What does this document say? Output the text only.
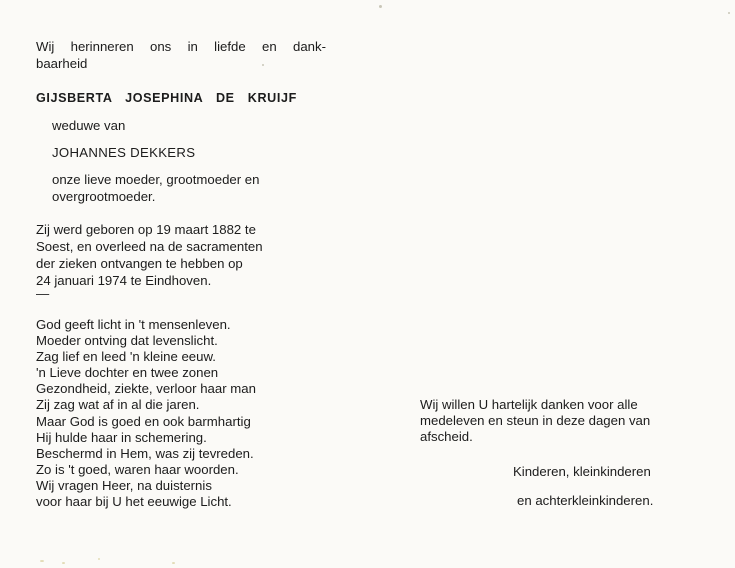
Wij herinneren ons in liefde en dank-

baarheid

GIJSBERTA JOSEPHINA DE KRUIJF

weduwe van

JOHANNES DEKKERS

onze lieve moeder, grootmoeder en

overgrootmoeder.

Zij werd geboren op 19 maart 1882 te

Soest, en overleed na de sacramenten

der zieken ontvangen te hebben op

24 januari 1974 te Eindhoven.

—

God geeft licht in 't mensenleven.

Moeder ontving dat levenslicht.

Zag lief en leed 'n kleine eeuw.

'n Lieve dochter en twee zonen

Gezondheid, ziekte, verloor haar man

Zij zag wat af in al die jaren.

Maar God is goed en ook barmhartig

Hij hulde haar in schemering.

Beschermd in Hem, was zij tevreden.

Zo is 't goed, waren haar woorden.

Wij vragen Heer, na duisternis

voor haar bij U het eeuwige Licht.

Wij willen U hartelijk danken voor alle

medeleven en steun in deze dagen van

afscheid.

Kinderen, kleinkinderen

en achterkleinkinderen.
